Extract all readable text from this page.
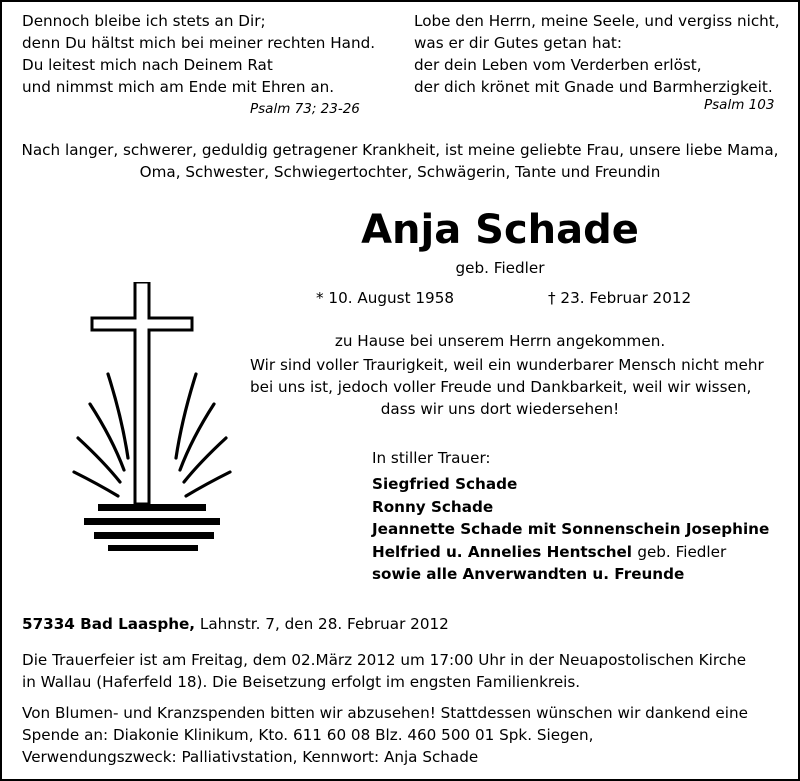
Dennoch bleibe ich stets an Dir;
denn Du hältst mich bei meiner rechten Hand.
Du leitest mich nach Deinem Rat
und nimmst mich am Ende mit Ehren an.
Psalm 73; 23-26
Lobe den Herrn, meine Seele, und vergiss nicht,
was er dir Gutes getan hat:
der dein Leben vom Verderben erlöst,
der dich krönet mit Gnade und Barmherzigkeit.
Psalm 103
Nach langer, schwerer, geduldig getragener Krankheit, ist meine geliebte Frau, unsere liebe Mama,
Oma, Schwester, Schwiegertochter, Schwägerin, Tante und Freundin
Anja Schade
geb. Fiedler
* 10. August 1958	† 23. Februar 2012
zu Hause bei unserem Herrn angekommen.
Wir sind voller Traurigkeit, weil ein wunderbarer Mensch nicht mehr
bei uns ist, jedoch voller Freude und Dankbarkeit, weil wir wissen,
dass wir uns dort wiedersehen!
In stiller Trauer:
Siegfried Schade
Ronny Schade
Jeannette Schade mit Sonnenschein Josephine
Helfried u. Annelies Hentschel geb. Fiedler
sowie alle Anverwandten u. Freunde
57334 Bad Laasphe, Lahnstr. 7, den 28. Februar 2012
Die Trauerfeier ist am Freitag, dem 02.März 2012 um 17:00 Uhr in der Neuapostolischen Kirche
in Wallau (Haferfeld 18). Die Beisetzung erfolgt im engsten Familienkreis.
Von Blumen- und Kranzspenden bitten wir abzusehen! Stattdessen wünschen wir dankend eine
Spende an: Diakonie Klinikum, Kto. 611 60 08 Blz. 460 500 01 Spk. Siegen,
Verwendungszweck: Palliativstation, Kennwort: Anja Schade
